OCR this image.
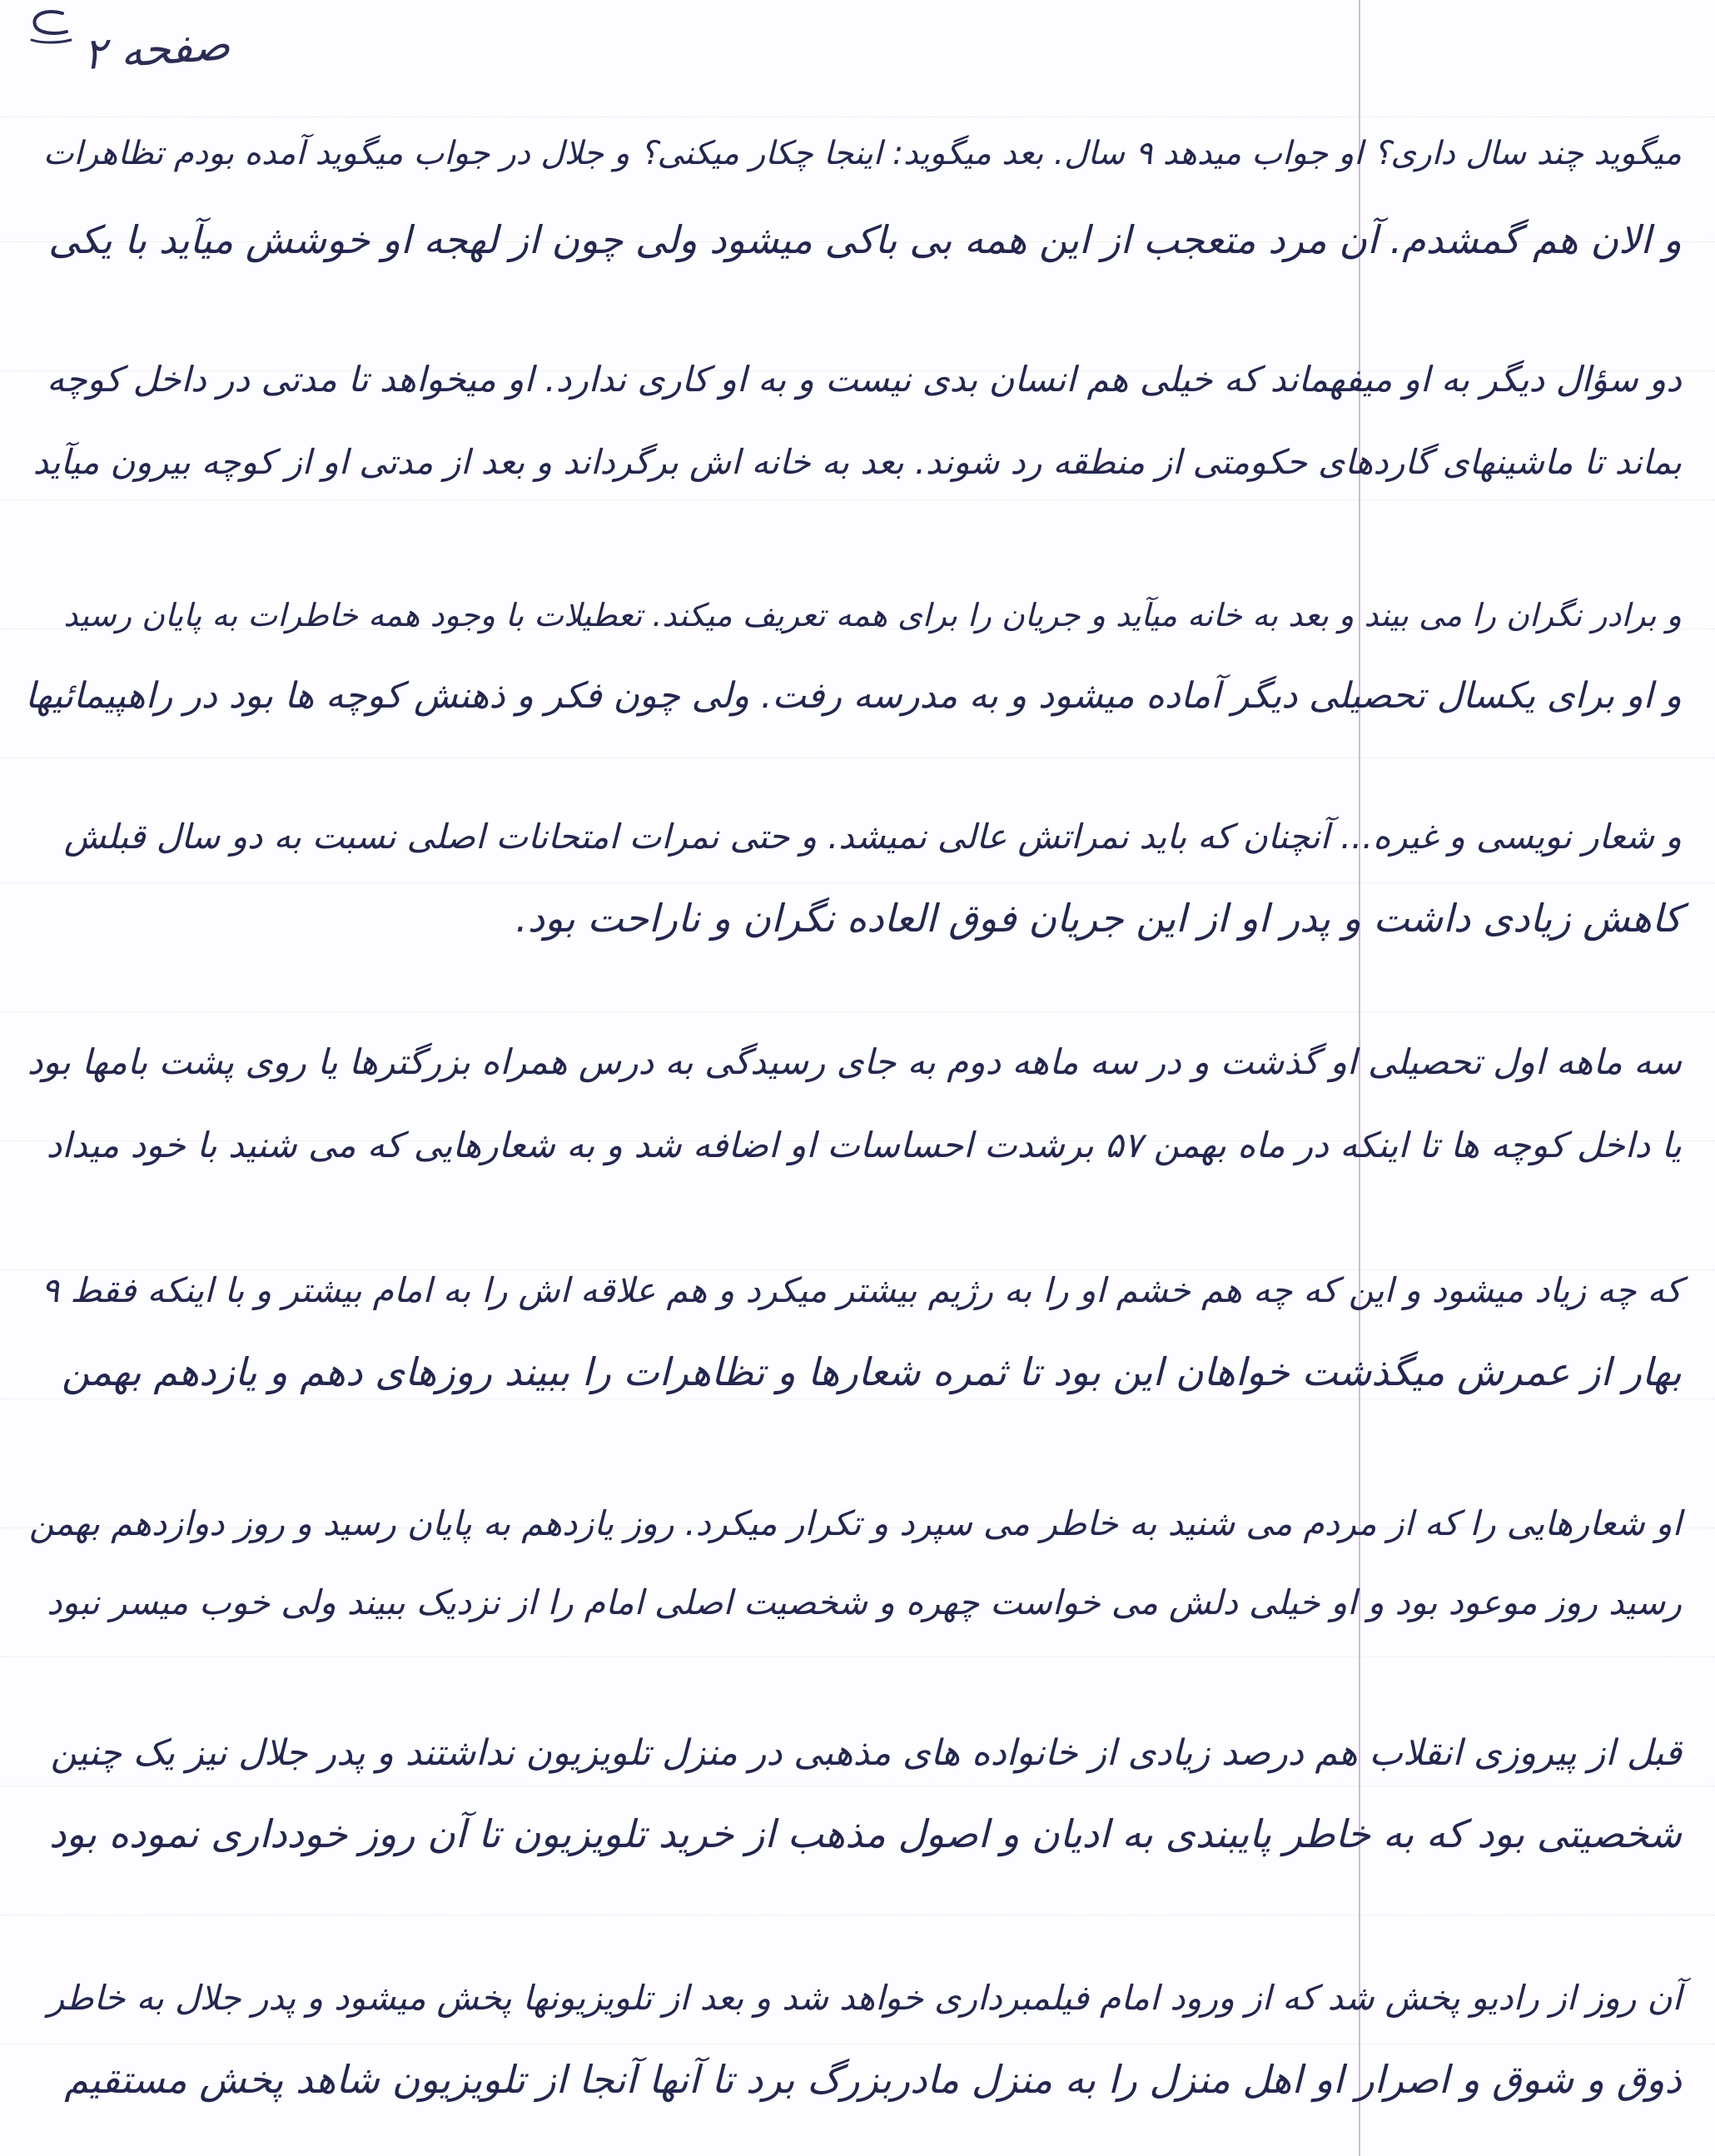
صفحه ۲
میگوید چند سال داری؟ او جواب میدهد ۹ سال. بعد میگوید: اینجا چکار میکنی؟ و جلال در جواب میگوید آمده بودم تظاهرات
و الان هم گمشدم. آن مرد متعجب از این همه بی باکی میشود ولی چون از لهجه او خوشش میآید با یکی
دو سؤال دیگر به او میفهماند که خیلی هم انسان بدی نیست و به او کاری ندارد. او میخواهد تا مدتی در داخل کوچه
بماند تا ماشینهای گاردهای حکومتی از منطقه رد شوند. بعد به خانه اش برگرداند و بعد از مدتی او از کوچه بیرون میآید
و برادر نگران را می بیند و بعد به خانه میآید و جریان را برای همه تعریف میکند. تعطیلات با وجود همه خاطرات به پایان رسید
و او برای یکسال تحصیلی دیگر آماده میشود و به مدرسه رفت. ولی چون فکر و ذهنش کوچه ها بود در راهپیمائیها
و شعار نویسی و غیره... آنچنان که باید نمراتش عالی نمیشد. و حتی نمرات امتحانات اصلی نسبت به دو سال قبلش
کاهش زیادی داشت و پدر او از این جریان فوق العاده نگران و ناراحت بود.
سه ماهه اول تحصیلی او گذشت و در سه ماهه دوم به جای رسیدگی به درس همراه بزرگترها یا روی پشت بامها بود
یا داخل کوچه ها تا اینکه در ماه بهمن ۵۷ برشدت احساسات او اضافه شد و به شعارهایی که می شنید با خود میداد
که چه زیاد میشود و این که چه هم خشم او را به رژیم بیشتر میکرد و هم علاقه اش را به امام بیشتر و با اینکه فقط ۹
بهار از عمرش میگذشت خواهان این بود تا ثمره شعارها و تظاهرات را ببیند روزهای دهم و یازدهم بهمن
او شعارهایی را که از مردم می شنید به خاطر می سپرد و تکرار میکرد. روز یازدهم به پایان رسید و روز دوازدهم بهمن
رسید روز موعود بود و او خیلی دلش می خواست چهره و شخصیت اصلی امام را از نزدیک ببیند ولی خوب میسر نبود
قبل از پیروزی انقلاب هم درصد زیادی از خانواده های مذهبی در منزل تلویزیون نداشتند و پدر جلال نیز یک چنین
شخصیتی بود که به خاطر پایبندی به ادیان و اصول مذهب از خرید تلویزیون تا آن روز خودداری نموده بود
آن روز از رادیو پخش شد که از ورود امام فیلمبرداری خواهد شد و بعد از تلویزیونها پخش میشود و پدر جلال به خاطر
ذوق و شوق و اصرار او اهل منزل را به منزل مادربزرگ برد تا آنها آنجا از تلویزیون شاهد پخش مستقیم
